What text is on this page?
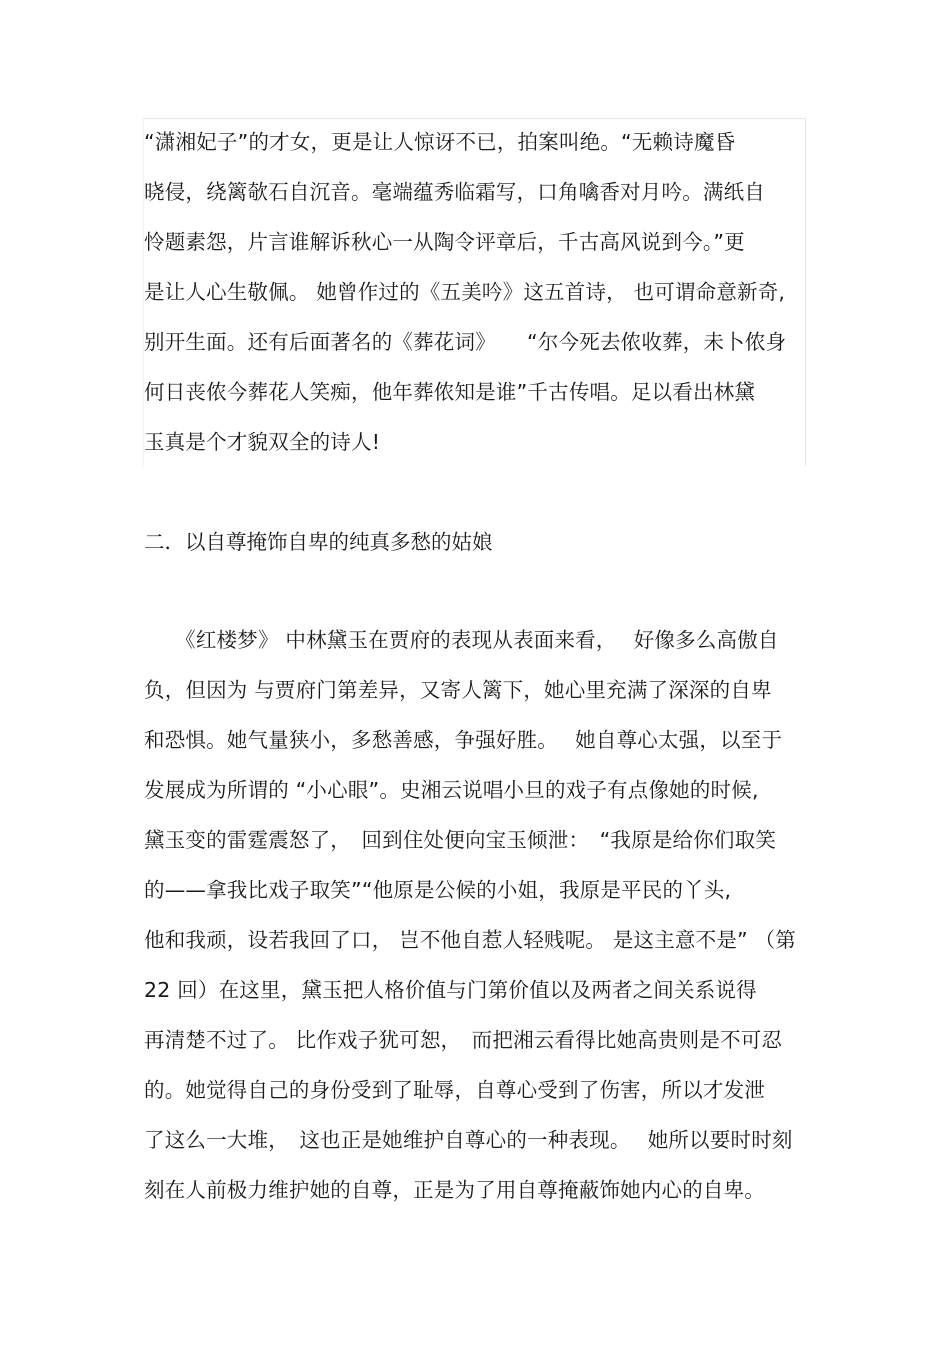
“潇湘妃子”的才女，更是让人惊讶不已，拍案叫绝。“无赖诗魔昏
晓侵，绕篱欹石自沉音。毫端蕴秀临霜写，口角噙香对月吟。满纸自
怜题素怨，片言谁解诉秋心一从陶令评章后，千古高风说到今。”更
是让人心生敬佩。 她曾作过的《五美吟》这五首诗， 也可谓命意新奇,
别开生面。还有后面著名的《葬花词》　　“尔今死去侬收葬，未卜侬身
何日丧侬今葬花人笑痴，他年葬侬知是谁”千古传唱。足以看出林黛
玉真是个才貌双全的诗人!
二．以自尊掩饰自卑的纯真多愁的姑娘
　　《红楼梦》 中林黛玉在贾府的表现从表面来看，　 好像多么高傲自
负，但因为 与贾府门第差异，又寄人篱下，她心里充满了深深的自卑
和恐惧。她气量狭小，多愁善感，争强好胜。　 她自尊心太强，以至于
发展成为所谓的 “小心眼”。史湘云说唱小旦的戏子有点像她的时候,
黛玉变的雷霆震怒了，　回到住处便向宝玉倾泄：　“我原是给你们取笑
的——拿我比戏子取笑”“他原是公候的小姐，我原是平民的丫头,
他和我顽，设若我回了口， 岂不他自惹人轻贱呢。 是这主意不是” （第
22 回）在这里，黛玉把人格价值与门第价值以及两者之间关系说得
再清楚不过了。 比作戏子犹可恕，　而把湘云看得比她高贵则是不可忍
的。她觉得自己的身份受到了耻辱，自尊心受到了伤害，所以才发泄
了这么一大堆，　这也正是她维护自尊心的一种表现。　 她所以要时时刻
刻在人前极力维护她的自尊，正是为了用自尊掩蔽饰她内心的自卑。
